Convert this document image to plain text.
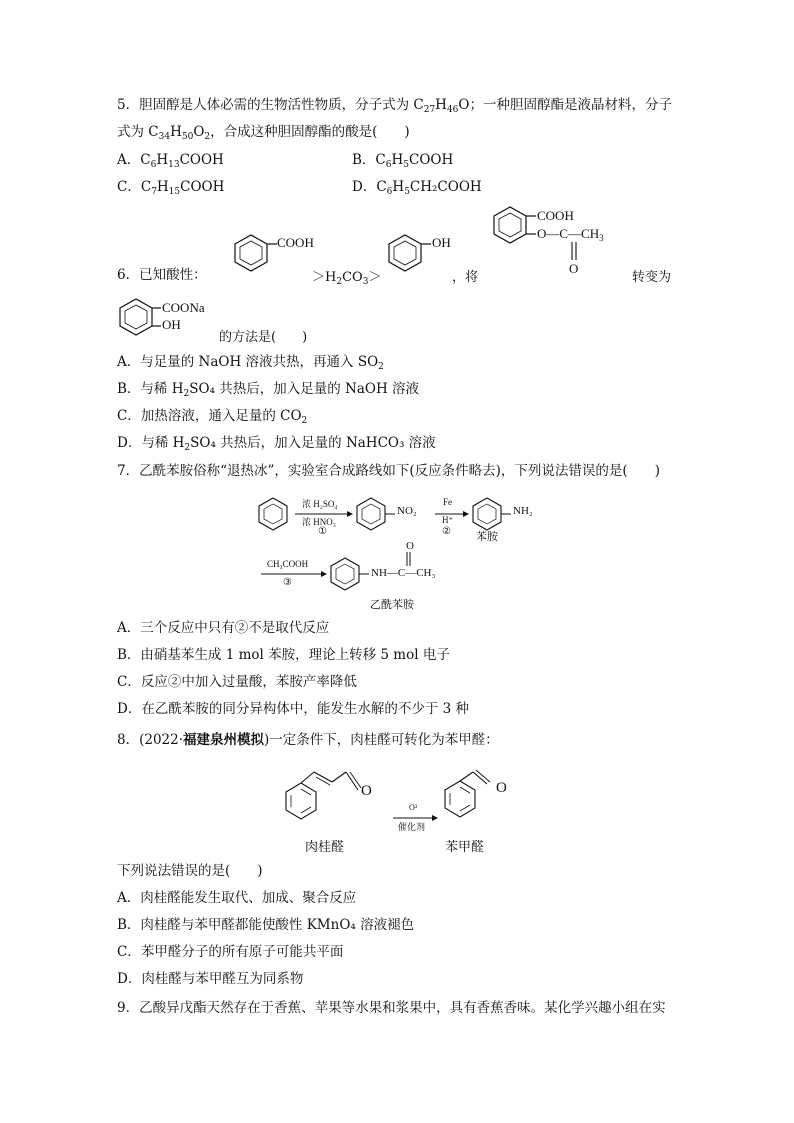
5．胆固醇是人体必需的生物活性物质，分子式为 $C_{27}H_{46}O$；一种胆固醇酯是液晶材料，分子
式为 $C_{34}H_{50}O_2$，合成这种胆固醇酯的酸是(　　)
A．$C_6H_{13}COOH$	B．$C_6H_5COOH$
C．$C_7H_{15}COOH$	D．$C_6H_5CH_2COOH$
6．已知酸性：
COOH
$>H_2CO_3>$
OH
，将
COOH
$O—C—CH_3$
O
转变为
COONa
OH
的方法是(　　)
A．与足量的 NaOH 溶液共热，再通入 $SO_2$
B．与稀 $H_2SO_4$ 共热后，加入足量的 NaOH 溶液
C．加热溶液，通入足量的 $CO_2$
D．与稀 $H_2SO_4$ 共热后，加入足量的 NaHCO₃ 溶液
7．乙酰苯胺俗称“退热冰”，实验室合成路线如下(反应条件略去)，下列说法错误的是(　　)
浓 H₂SO₄
浓 HNO₃
①
NO₂
Fe
H⁺
②
NH₂
苯胺
CH₃COOH
③
O
NH—C—CH₃
乙酰苯胺
A．三个反应中只有②不是取代反应
B．由硝基苯生成 1 mol 苯胺，理论上转移 5 mol 电子
C．反应②中加入过量酸，苯胺产率降低
D．在乙酰苯胺的同分异构体中，能发生水解的不少于 3 种
8．(2022·福建泉州模拟)一定条件下，肉桂醛可转化为苯甲醛：
O	O
O³
催化剂
肉桂醛	苯甲醛
下列说法错误的是(　　)
A．肉桂醛能发生取代、加成、聚合反应
B．肉桂醛与苯甲醛都能使酸性 KMnO₄ 溶液褪色
C．苯甲醛分子的所有原子可能共平面
D．肉桂醛与苯甲醛互为同系物
9．乙酸异戊酯天然存在于香蕉、苹果等水果和浆果中，具有香蕉香味。某化学兴趣小组在实
